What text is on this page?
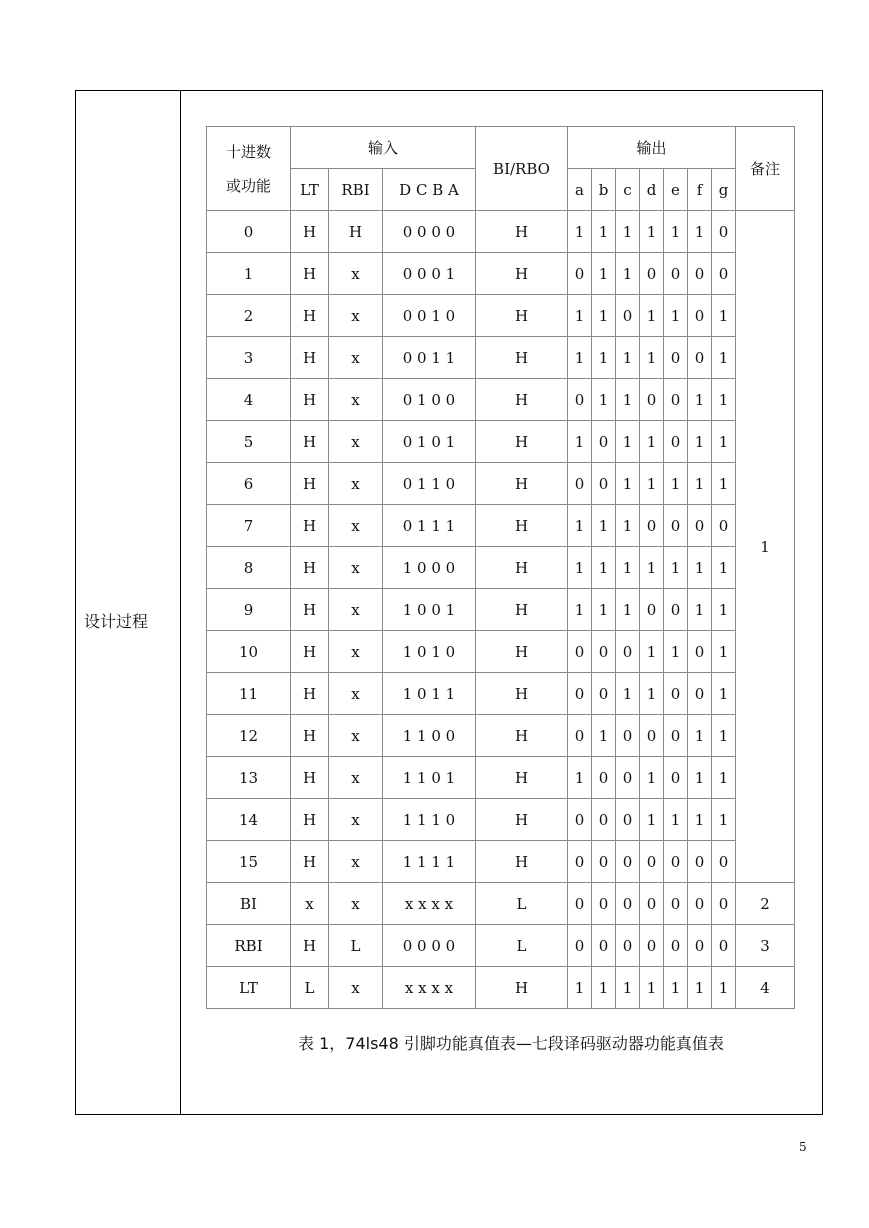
设计过程
十进数
或功能	输入			BI/RBO	输出							备注
	LT	RBI	D C B A		a	b	c	d	e	f	g	
0	H	H	0 0 0 0	H	1	1	1	1	1	1	0	1
1	H	x	0 0 0 1	H	0	1	1	0	0	0	0	
2	H	x	0 0 1 0	H	1	1	0	1	1	0	1	
3	H	x	0 0 1 1	H	1	1	1	1	0	0	1	
4	H	x	0 1 0 0	H	0	1	1	0	0	1	1	
5	H	x	0 1 0 1	H	1	0	1	1	0	1	1	
6	H	x	0 1 1 0	H	0	0	1	1	1	1	1	
7	H	x	0 1 1 1	H	1	1	1	0	0	0	0	
8	H	x	1 0 0 0	H	1	1	1	1	1	1	1	
9	H	x	1 0 0 1	H	1	1	1	0	0	1	1	
10	H	x	1 0 1 0	H	0	0	0	1	1	0	1	
11	H	x	1 0 1 1	H	0	0	1	1	0	0	1	
12	H	x	1 1 0 0	H	0	1	0	0	0	1	1	
13	H	x	1 1 0 1	H	1	0	0	1	0	1	1	
14	H	x	1 1 1 0	H	0	0	0	1	1	1	1	
15	H	x	1 1 1 1	H	0	0	0	0	0	0	0	
BI	x	x	x x x x	L	0	0	0	0	0	0	0	2
RBI	H	L	0 0 0 0	L	0	0	0	0	0	0	0	3
LT	L	x	x x x x	H	1	1	1	1	1	1	1	4
表 1，74ls48 引脚功能真值表—七段译码驱动器功能真值表
5
